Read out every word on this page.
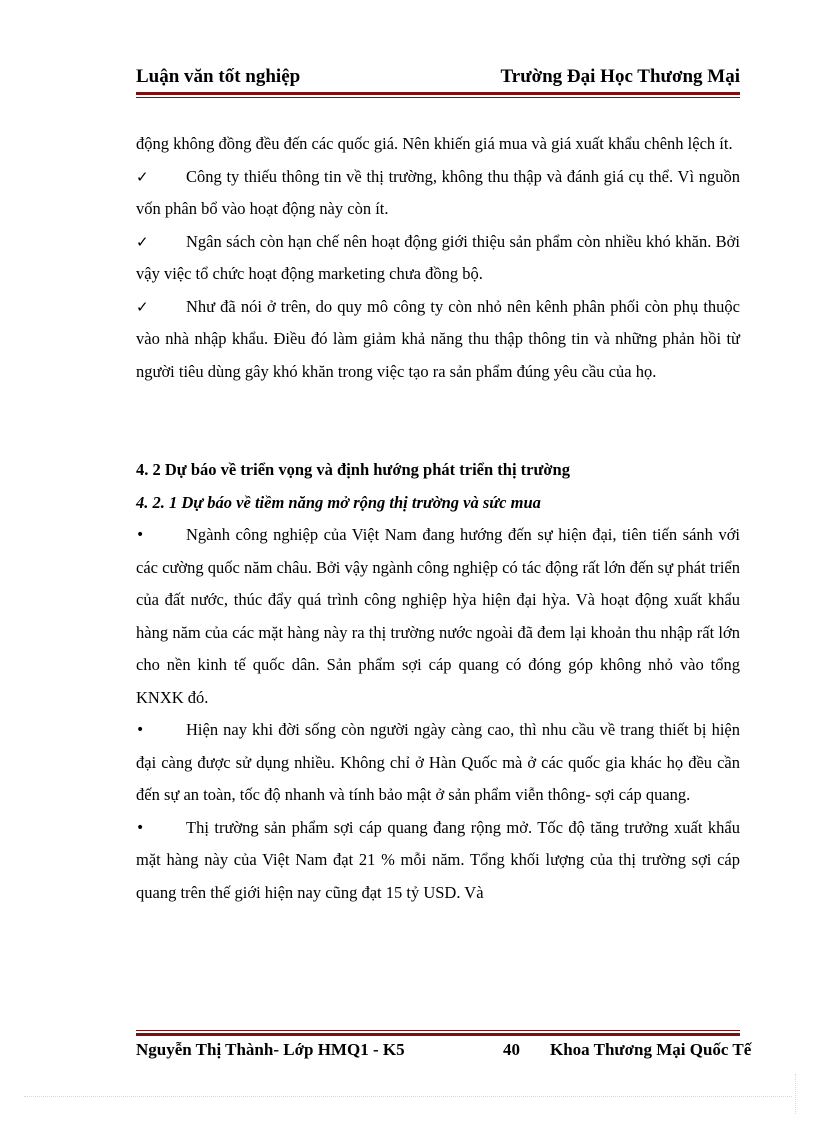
Luận văn tốt nghiệp	Trường Đại Học Thương Mại

động không đồng đều đến các quốc giá. Nên khiến giá mua và giá xuất khẩu chênh lệch ít.

✓	Công ty thiếu thông tin về thị trường, không thu thập và đánh giá cụ thể. Vì nguồn vốn phân bổ vào hoạt động này còn ít.

✓	Ngân sách còn hạn chế nên hoạt động giới thiệu sản phẩm còn nhiều khó khăn. Bởi vậy việc tổ chức hoạt động marketing chưa đồng bộ.

✓	Như đã nói ở trên, do quy mô công ty còn nhỏ nên kênh phân phối còn phụ thuộc vào nhà nhập khẩu. Điều đó làm giảm khả năng thu thập thông tin và những phản hồi từ người tiêu dùng gây khó khăn trong việc tạo ra sản phẩm đúng yêu cầu của họ.

4. 2 Dự báo về triển vọng và định hướng phát triển thị trường

4. 2. 1 Dự báo về tiềm năng mở rộng thị trường và sức mua

•	Ngành công nghiệp của Việt Nam đang hướng đến sự hiện đại, tiên tiến sánh với các cường quốc năm châu. Bởi vậy ngành công nghiệp có tác động rất lớn đến sự phát triển của đất nước, thúc đẩy quá trình công nghiệp hỳa hiện đại hỳa. Và hoạt động xuất khẩu hàng năm của các mặt hàng này ra thị trường nước ngoài đã đem lại khoản thu nhập rất lớn cho nền kinh tế quốc dân. Sản phẩm sợi cáp quang có đóng góp không nhỏ vào tổng KNXK đó.

•	Hiện nay khi đời sống còn người ngày càng cao, thì nhu cầu về trang thiết bị hiện đại càng được sử dụng nhiều. Không chỉ ở Hàn Quốc mà ở các quốc gia khác họ đều cần đến sự an toàn, tốc độ nhanh và tính bảo mật ở sản phẩm viễn thông- sợi cáp quang.

•	Thị trường sản phẩm sợi cáp quang đang rộng mở. Tốc độ tăng trưởng xuất khẩu mặt hàng này của Việt Nam đạt 21 % mỗi năm. Tổng khối lượng của thị trường sợi cáp quang trên thế giới hiện nay cũng đạt 15 tỷ USD. Và

Nguyễn Thị Thành- Lớp HMQ1 - K5	40 Khoa Thương Mại Quốc Tế
